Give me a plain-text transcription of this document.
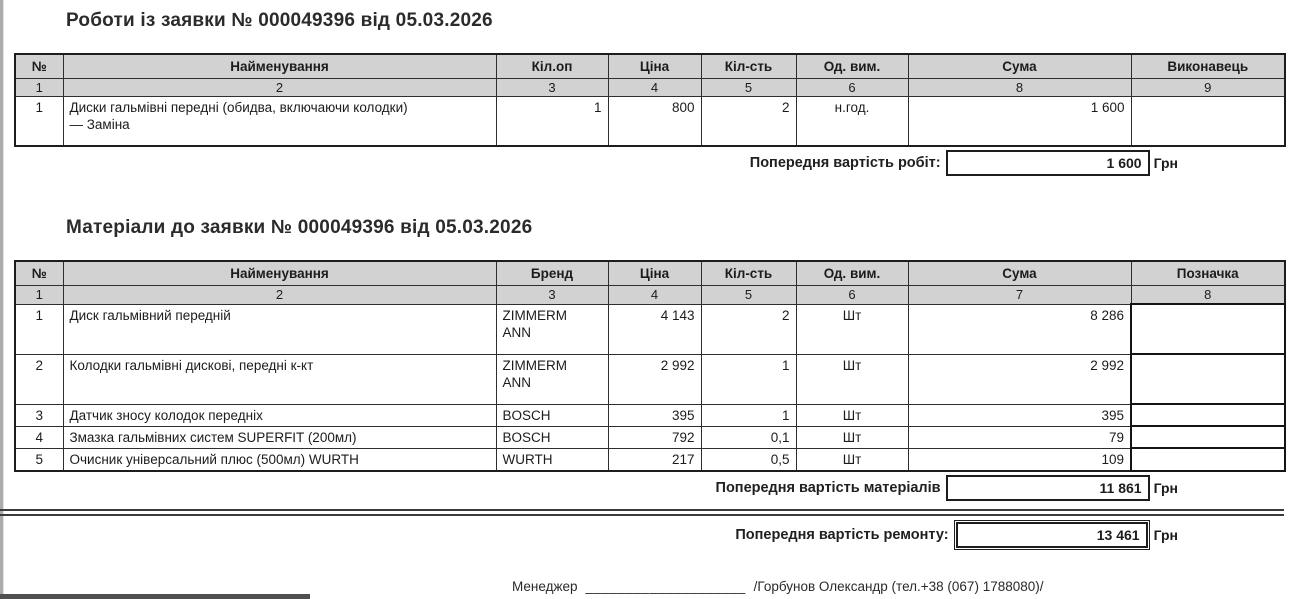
Роботи із заявки № 000049396 від 05.03.2026
№	Найменування	Кіл.оп	Ціна	Кіл-сть	Од. вим.	Сума	Виконавець
1	2	3	4	5	6	8	9

1	Диски гальмівні передні (обидва, включаючи колодки) — Заміна	1	800	2	н.год.	1 600	

Попередня вартість робіт:	1 600 Грн
Матеріали до заявки № 000049396 від 05.03.2026
№	Найменування	Бренд	Ціна	Кіл-сть	Од. вим.	Сума	Позначка
1	2	3	4	5	6	7	8

1	Диск гальмівний передній	ZIMMERMANN	4 143	2	Шт	8 286	

2	Колодки гальмівні дискові, передні к-кт	ZIMMERMANN	2 992	1	Шт	2 992	

3	Датчик зносу колодок передніх	BOSCH	395	1	Шт	395	

4	Змазка гальмівних систем SUPERFIT (200мл)	BOSCH	792	0,1	Шт	79	

5	Очисник універсальний плюс (500мл) WURTH	WURTH	217	0,5	Шт	109	

Попередня вартість матеріалів	11 861 Грн
Попередня вартість ремонту:	13 461	Грн
Менеджер ____________________ /Горбунов Олександр (тел.+38 (067) 1788080)/
